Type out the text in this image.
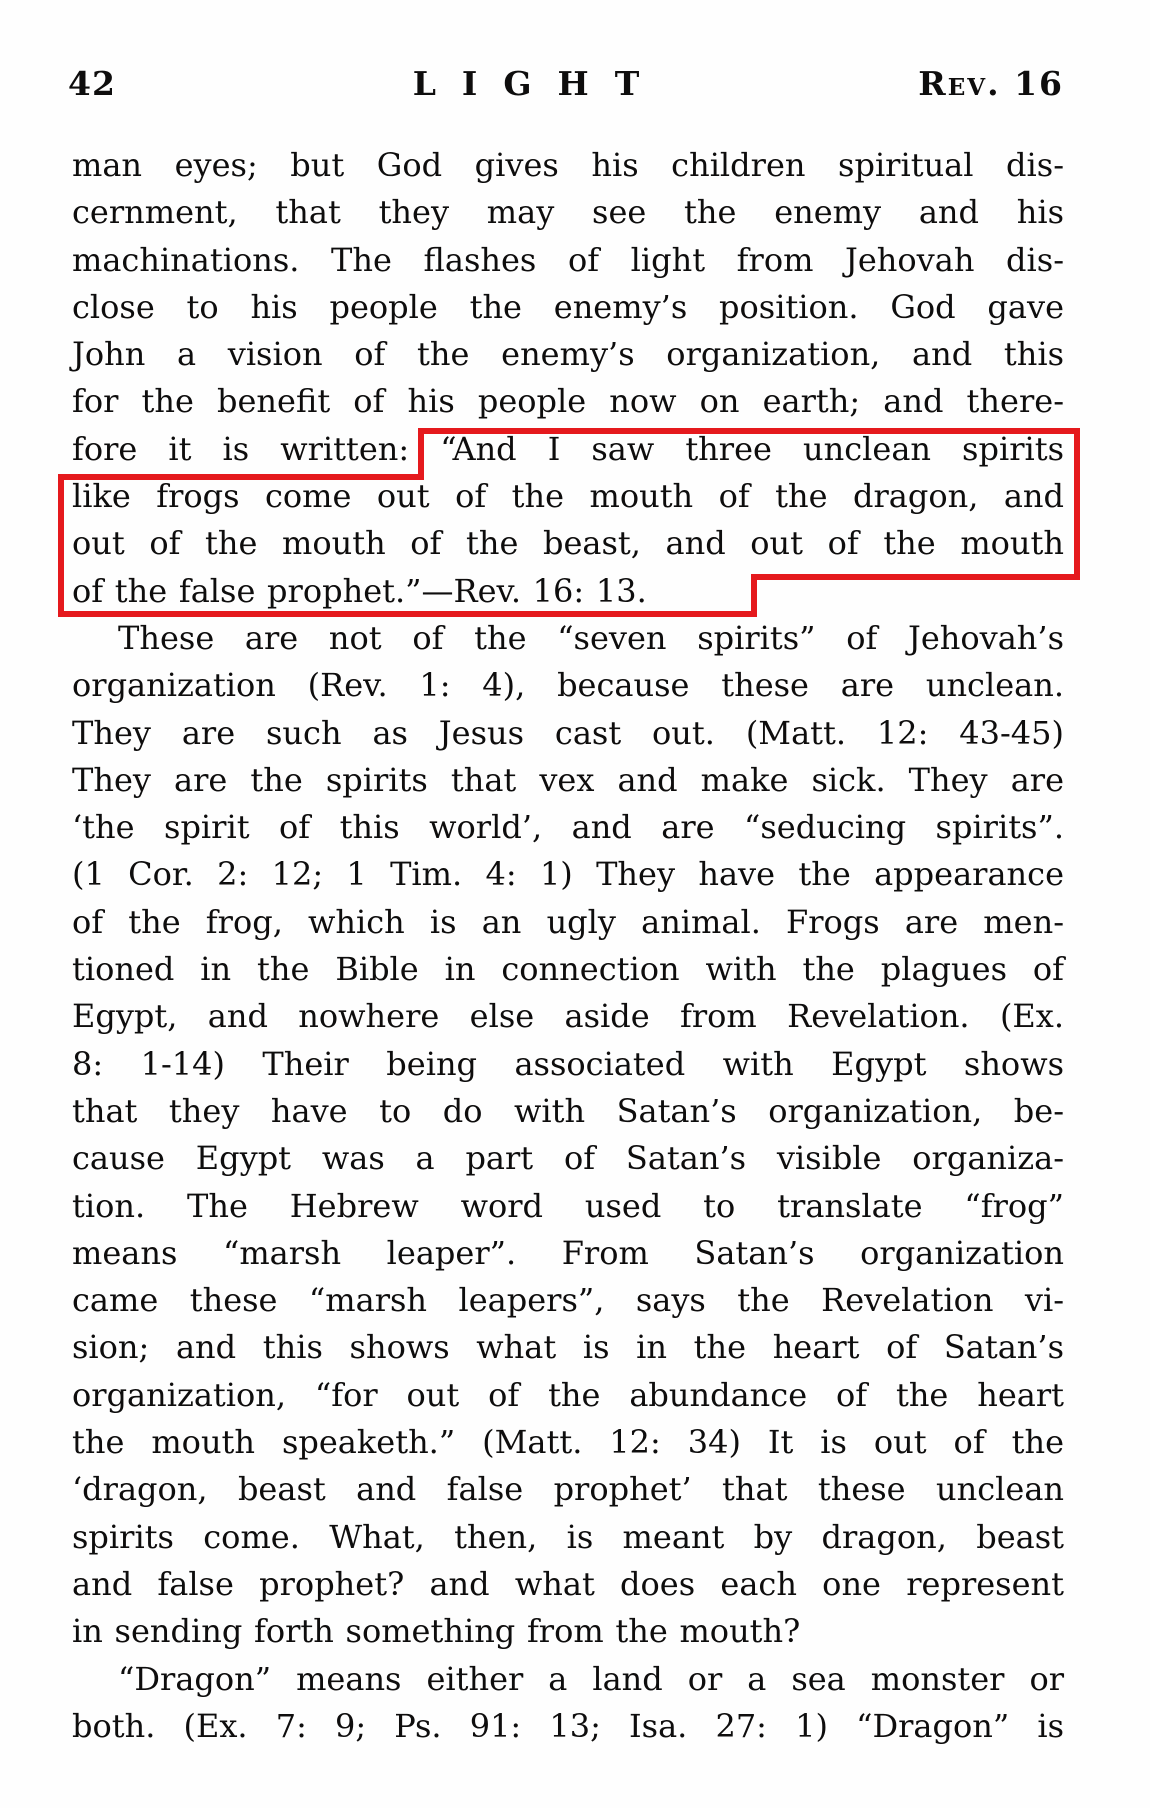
42	LIGHT	Rev. 16
man eyes; but God gives his children spiritual dis-
cernment, that they may see the enemy and his
machinations. The flashes of light from Jehovah dis-
close to his people the enemy’s position. God gave
John a vision of the enemy’s organization, and this
for the benefit of his people now on earth; and there-
fore it is written: “And I saw three unclean spirits
like frogs come out of the mouth of the dragon, and
out of the mouth of the beast, and out of the mouth
of the false prophet.”—Rev. 16: 13.
These are not of the “seven spirits” of Jehovah’s
organization (Rev. 1: 4), because these are unclean.
They are such as Jesus cast out. (Matt. 12: 43-45)
They are the spirits that vex and make sick. They are
‘the spirit of this world’, and are “seducing spirits”.
(1 Cor. 2: 12; 1 Tim. 4: 1) They have the appearance
of the frog, which is an ugly animal. Frogs are men-
tioned in the Bible in connection with the plagues of
Egypt, and nowhere else aside from Revelation. (Ex.
8: 1-14) Their being associated with Egypt shows
that they have to do with Satan’s organization, be-
cause Egypt was a part of Satan’s visible organiza-
tion. The Hebrew word used to translate “frog”
means “marsh leaper”. From Satan’s organization
came these “marsh leapers”, says the Revelation vi-
sion; and this shows what is in the heart of Satan’s
organization, “for out of the abundance of the heart
the mouth speaketh.” (Matt. 12: 34) It is out of the
‘dragon, beast and false prophet’ that these unclean
spirits come. What, then, is meant by dragon, beast
and false prophet? and what does each one represent
in sending forth something from the mouth?
“Dragon” means either a land or a sea monster or
both. (Ex. 7: 9; Ps. 91: 13; Isa. 27: 1) “Dragon” is
